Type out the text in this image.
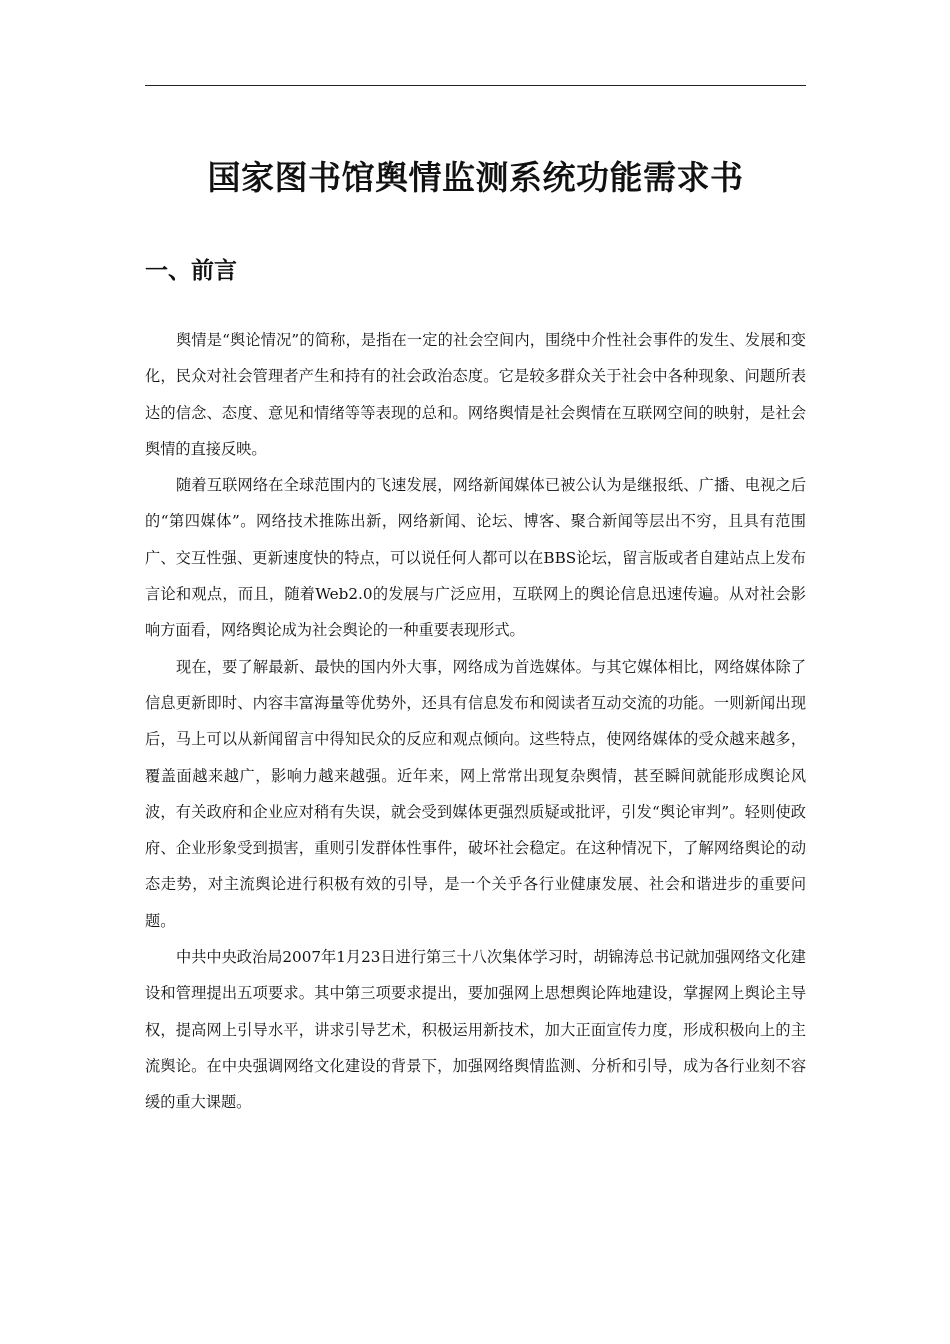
国家图书馆舆情监测系统功能需求书
一、前言

舆情是“舆论情况”的简称，是指在一定的社会空间内，围绕中介性社会事件的发生、发展和变化，民众对社会管理者产生和持有的社会政治态度。它是较多群众关于社会中各种现象、问题所表达的信念、态度、意见和情绪等等表现的总和。网络舆情是社会舆情在互联网空间的映射，是社会舆情的直接反映。

随着互联网络在全球范围内的飞速发展，网络新闻媒体已被公认为是继报纸、广播、电视之后的“第四媒体”。网络技术推陈出新，网络新闻、论坛、博客、聚合新闻等层出不穷，且具有范围广、交互性强、更新速度快的特点，可以说任何人都可以在BBS论坛，留言版或者自建站点上发布言论和观点，而且，随着Web2.0的发展与广泛应用，互联网上的舆论信息迅速传遍。从对社会影响方面看，网络舆论成为社会舆论的一种重要表现形式。

现在，要了解最新、最快的国内外大事，网络成为首选媒体。与其它媒体相比，网络媒体除了信息更新即时、内容丰富海量等优势外，还具有信息发布和阅读者互动交流的功能。一则新闻出现后，马上可以从新闻留言中得知民众的反应和观点倾向。这些特点，使网络媒体的受众越来越多，覆盖面越来越广，影响力越来越强。近年来，网上常常出现复杂舆情，甚至瞬间就能形成舆论风波，有关政府和企业应对稍有失误，就会受到媒体更强烈质疑或批评，引发“舆论审判”。轻则使政府、企业形象受到损害，重则引发群体性事件，破坏社会稳定。在这种情况下，了解网络舆论的动态走势，对主流舆论进行积极有效的引导，是一个关乎各行业健康发展、社会和谐进步的重要问题。

中共中央政治局2007年1月23日进行第三十八次集体学习时，胡锦涛总书记就加强网络文化建设和管理提出五项要求。其中第三项要求提出，要加强网上思想舆论阵地建设，掌握网上舆论主导权，提高网上引导水平，讲求引导艺术，积极运用新技术，加大正面宣传力度，形成积极向上的主流舆论。在中央强调网络文化建设的背景下，加强网络舆情监测、分析和引导，成为各行业刻不容缓的重大课题。
